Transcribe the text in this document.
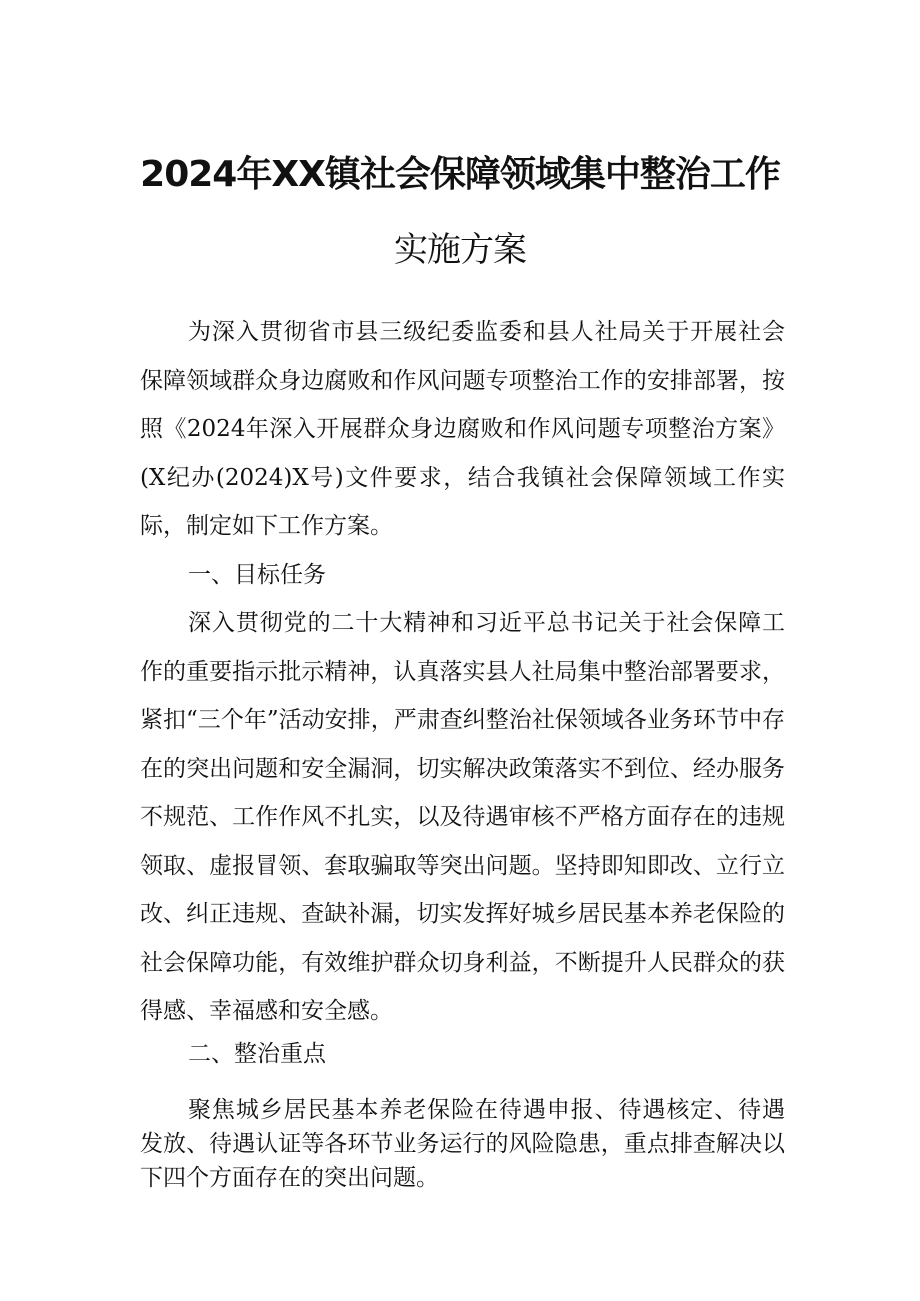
2024年XX镇社会保障领域集中整治工作
实施方案

为深入贯彻省市县三级纪委监委和县人社局关于开展社会保障领域群众身边腐败和作风问题专项整治工作的安排部署，按照《2024年深入开展群众身边腐败和作风问题专项整治方案》(X纪办(2024)X号)文件要求，结合我镇社会保障领域工作实际，制定如下工作方案。

一、目标任务

深入贯彻党的二十大精神和习近平总书记关于社会保障工作的重要指示批示精神，认真落实县人社局集中整治部署要求，紧扣“三个年”活动安排，严肃查纠整治社保领域各业务环节中存在的突出问题和安全漏洞，切实解决政策落实不到位、经办服务不规范、工作作风不扎实，以及待遇审核不严格方面存在的违规领取、虚报冒领、套取骗取等突出问题。坚持即知即改、立行立改、纠正违规、查缺补漏，切实发挥好城乡居民基本养老保险的社会保障功能，有效维护群众切身利益，不断提升人民群众的获得感、幸福感和安全感。

二、整治重点

聚焦城乡居民基本养老保险在待遇申报、待遇核定、待遇发放、待遇认证等各环节业务运行的风险隐患，重点排查解决以下四个方面存在的突出问题。
